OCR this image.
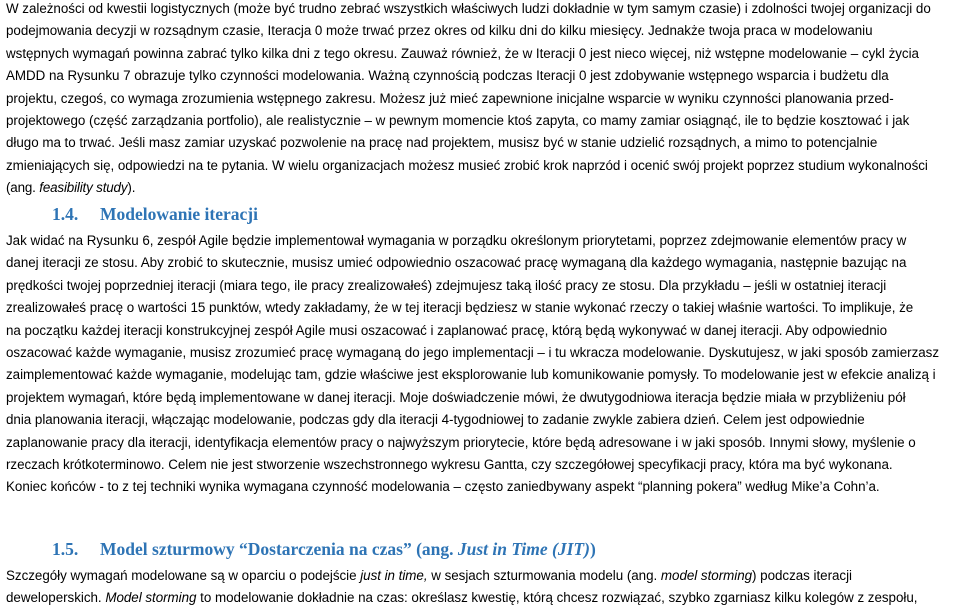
W zależności od kwestii logistycznych (może być trudno zebrać wszystkich właściwych ludzi dokładnie w tym samym czasie) i zdolności twojej organizacji do
podejmowania decyzji w rozsądnym czasie, Iteracja 0 może trwać przez okres od kilku dni do kilku miesięcy. Jednakże twoja praca w modelowaniu
wstępnych wymagań powinna zabrać tylko kilka dni z tego okresu. Zauważ również, że w Iteracji 0 jest nieco więcej, niż wstępne modelowanie – cykl życia
AMDD na Rysunku 7 obrazuje tylko czynności modelowania. Ważną czynnością podczas Iteracji 0 jest zdobywanie wstępnego wsparcia i budżetu dla
projektu, czegoś, co wymaga zrozumienia wstępnego zakresu. Możesz już mieć zapewnione inicjalne wsparcie w wyniku czynności planowania przed-
projektowego (część zarządzania portfolio), ale realistycznie – w pewnym momencie ktoś zapyta, co mamy zamiar osiągnąć, ile to będzie kosztować i jak
długo ma to trwać. Jeśli masz zamiar uzyskać pozwolenie na pracę nad projektem, musisz być w stanie udzielić rozsądnych, a mimo to potencjalnie
zmieniających się, odpowiedzi na te pytania. W wielu organizacjach możesz musieć zrobić krok naprzód i ocenić swój projekt poprzez studium wykonalności
(ang. feasibility study).

1.4. Modelowanie iteracji

Jak widać na Rysunku 6, zespół Agile będzie implementował wymagania w porządku określonym priorytetami, poprzez zdejmowanie elementów pracy w
danej iteracji ze stosu. Aby zrobić to skutecznie, musisz umieć odpowiednio oszacować pracę wymaganą dla każdego wymagania, następnie bazując na
prędkości twojej poprzedniej iteracji (miara tego, ile pracy zrealizowałeś) zdejmujesz taką ilość pracy ze stosu. Dla przykładu – jeśli w ostatniej iteracji
zrealizowałeś pracę o wartości 15 punktów, wtedy zakładamy, że w tej iteracji będziesz w stanie wykonać rzeczy o takiej właśnie wartości. To implikuje, że
na początku każdej iteracji konstrukcyjnej zespół Agile musi oszacować i zaplanować pracę, którą będą wykonywać w danej iteracji. Aby odpowiednio
oszacować każde wymaganie, musisz zrozumieć pracę wymaganą do jego implementacji – i tu wkracza modelowanie. Dyskutujesz, w jaki sposób zamierzasz
zaimplementować każde wymaganie, modelując tam, gdzie właściwe jest eksplorowanie lub komunikowanie pomysły. To modelowanie jest w efekcie analizą i
projektem wymagań, które będą implementowane w danej iteracji. Moje doświadczenie mówi, że dwutygodniowa iteracja będzie miała w przybliżeniu pół
dnia planowania iteracji, włączając modelowanie, podczas gdy dla iteracji 4-tygodniowej to zadanie zwykle zabiera dzień. Celem jest odpowiednie
zaplanowanie pracy dla iteracji, identyfikacja elementów pracy o najwyższym priorytecie, które będą adresowane i w jaki sposób. Innymi słowy, myślenie o
rzeczach krótkoterminowo. Celem nie jest stworzenie wszechstronnego wykresu Gantta, czy szczegółowej specyfikacji pracy, która ma być wykonana.
Koniec końców - to z tej techniki wynika wymagana czynność modelowania – często zaniedbywany aspekt “planning pokera” według Mike’a Cohn’a.

1.5. Model szturmowy “Dostarczenia na czas” (ang. Just in Time (JIT))

Szczegóły wymagań modelowane są w oparciu o podejście just in time, w sesjach szturmowania modelu (ang. model storming) podczas iteracji
deweloperskich. Model storming to modelowanie dokładnie na czas: określasz kwestię, którą chcesz rozwiązać, szybko zgarniasz kilku kolegów z zespołu,
